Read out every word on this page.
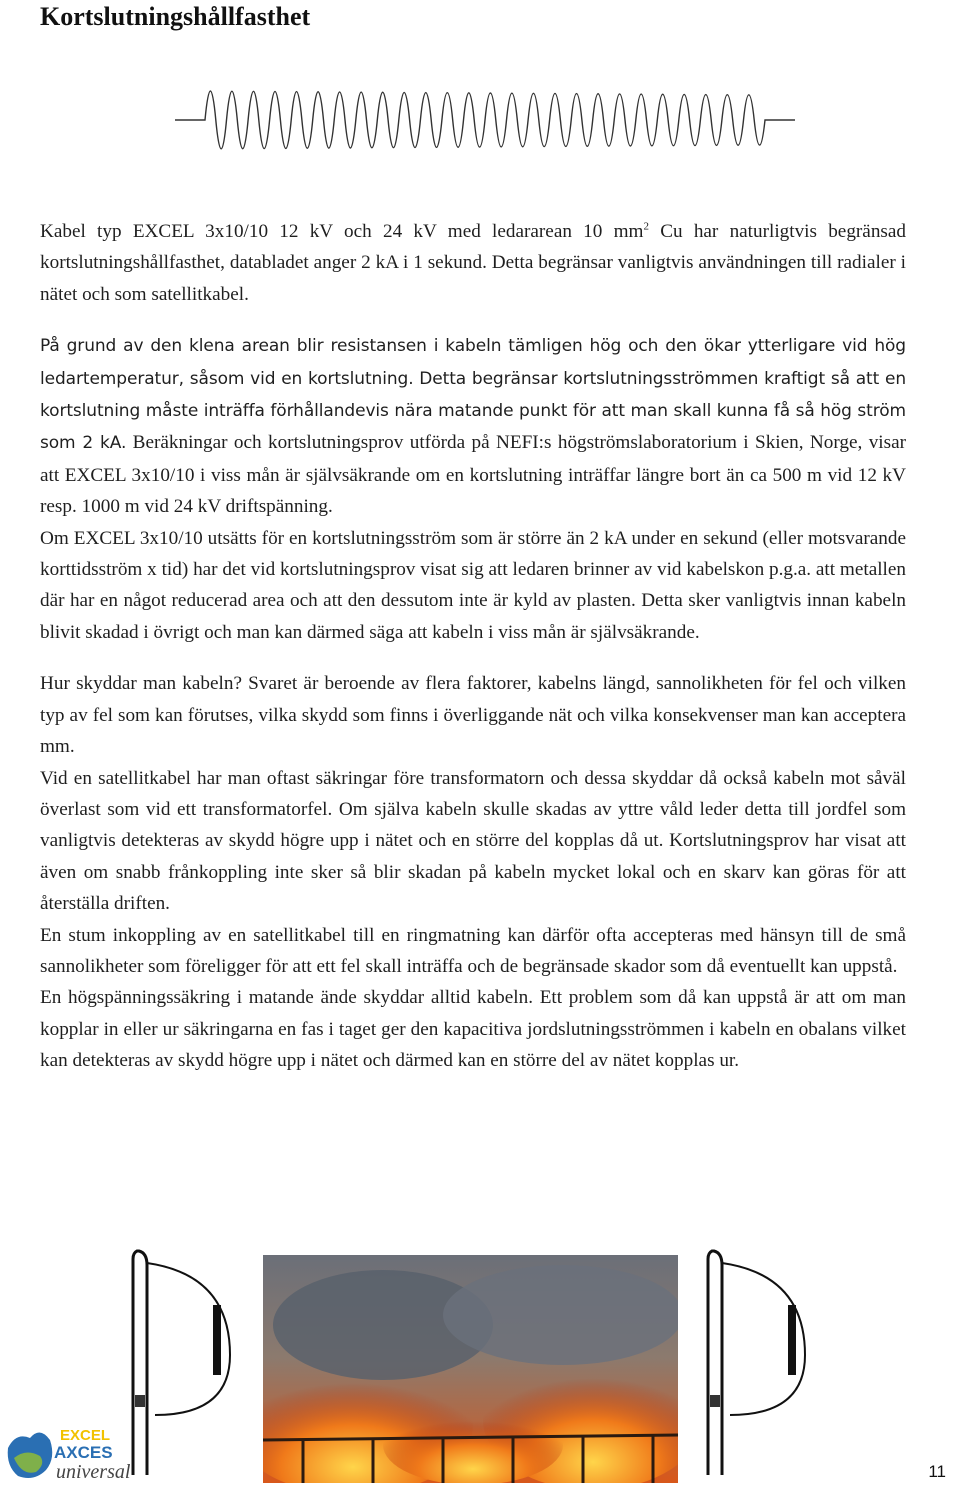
Kortslutningshållfasthet

Kabel typ EXCEL 3x10/10 12 kV och 24 kV med ledararean 10 $mm^2$ Cu har naturligtvis begränsad kortslutningshållfasthet, databladet anger 2 kA i 1 sekund. Detta begränsar vanligtvis användningen till radialer i nätet och som satellitkabel.

På grund av den klena arean blir resistansen i kabeln tämligen hög och den ökar ytterligare vid hög ledartemperatur, såsom vid en kortslutning. Detta begränsar kortslutningsströmmen kraftigt så att en kortslutning måste inträffa förhållandevis nära matande punkt för att man skall kunna få så hög ström som 2 kA. Beräkningar och kortslutningsprov utförda på NEFI:s högströmslaboratorium i Skien, Norge, visar att EXCEL 3x10/10 i viss mån är självsäkrande om en kortslutning inträffar längre bort än ca 500 m vid 12 kV resp. 1000 m vid 24 kV driftspänning.

Om EXCEL 3x10/10 utsätts för en kortslutningsström som är större än 2 kA under en sekund (eller motsvarande korttidsström x tid) har det vid kortslutningsprov visat sig att ledaren brinner av vid kabelskon p.g.a. att metallen där har en något reducerad area och att den dessutom inte är kyld av plasten. Detta sker vanligtvis innan kabeln blivit skadad i övrigt och man kan därmed säga att kabeln i viss mån är självsäkrande.

Hur skyddar man kabeln? Svaret är beroende av flera faktorer, kabelns längd, sannolikheten för fel och vilken typ av fel som kan förutses, vilka skydd som finns i överliggande nät och vilka konsekvenser man kan acceptera mm.

Vid en satellitkabel har man oftast säkringar före transformatorn och dessa skyddar då också kabeln mot såväl överlast som vid ett transformatorfel. Om själva kabeln skulle skadas av yttre våld leder detta till jordfel som vanligtvis detekteras av skydd högre upp i nätet och en större del kopplas då ut. Kortslutningsprov har visat att även om snabb frånkoppling inte sker så blir skadan på kabeln mycket lokal och en skarv kan göras för att återställa driften.

En stum inkoppling av en satellitkabel till en ringmatning kan därför ofta accepteras med hänsyn till de små sannolikheter som föreligger för att ett fel skall inträffa och de begränsade skador som då eventuellt kan uppstå.

En högspänningssäkring i matande ände skyddar alltid kabeln. Ett problem som då kan uppstå är att om man kopplar in eller ur säkringarna en fas i taget ger den kapacitiva jordslutningsströmmen i kabeln en obalans vilket kan detekteras av skydd högre upp i nätet och därmed kan en större del av nätet kopplas ur.

EXCEL
AXCES
universal	11
